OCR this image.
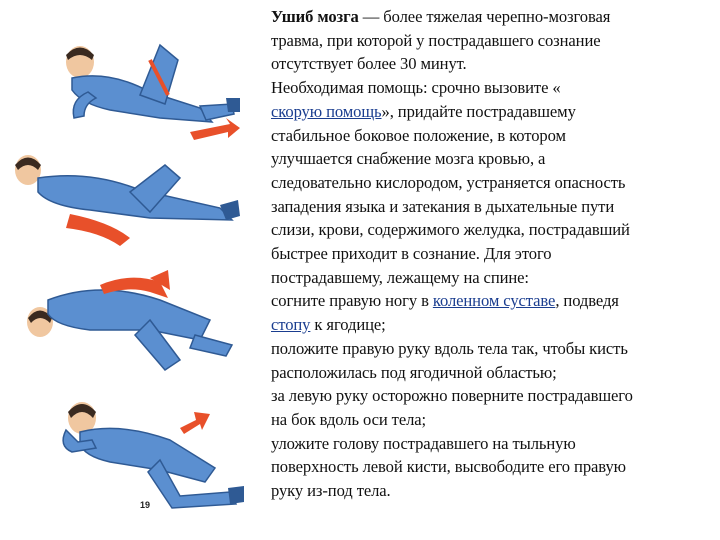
19
Ушиб мозга — более тяжелая черепно-мозговая
травма, при которой у пострадавшего сознание
отсутствует более 30 минут.
Необходимая помощь: срочно вызовите «
скорую помощь», придайте пострадавшему
стабильное боковое положение, в котором
улучшается снабжение мозга кровью, а
следовательно кислородом, устраняется опасность
западения языка и затекания в дыхательные пути
слизи, крови, содержимого желудка, пострадавший
быстрее приходит в сознание. Для этого
пострадавшему, лежащему на спине:
согните правую ногу в коленном суставе, подведя
стопу к ягодице;
положите правую руку вдоль тела так, чтобы кисть
расположилась под ягодичной областью;
за левую руку осторожно поверните пострадавшего
на бок вдоль оси тела;
уложите голову пострадавшего на тыльную
поверхность левой кисти, высвободите его правую
руку из-под тела.
